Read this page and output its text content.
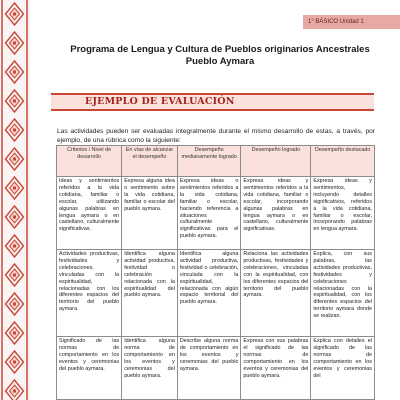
1° BÁSICO Unidad 1
Programa de Lengua y Cultura de Pueblos originarios Ancestrales
Pueblo Aymara
EJEMPLO DE EVALUACIÓN
Las actividades pueden ser evaluadas integralmente durante el mismo desarrollo de estas, a través, por ejemplo, de una rúbrica como la siguiente:
Criterios / Nivel de desarrollo	En vías de alcanzar el desempeño	Desempeño medianamente logrado	Desempeño logrado	Desempeño destacado
Ideas y sentimientos referidos a la vida cotidiana, familiar o escolar, utilizando algunas palabras en lengua aymara o en castellano, culturalmente significativas.	Expresa alguna idea o sentimiento sobre la vida cotidiana, familiar o escolar del pueblo aymara.	Expresa ideas o sentimientos referidos a la vida cotidiana, familiar o escolar, haciendo referencia a situaciones culturalmente significativas para el pueblo aymara.	Expresa ideas y sentimientos referidos a la vida cotidiana, familiar o escolar, incorporando algunas palabras en lengua aymara o en castellano, culturalmente significativas.	Expresa ideas y sentimientos, incluyendo detalles significativos, referidos a la vida cotidiana, familiar o escolar, incorporando palabras en lengua aymara.
Actividades productivas, festividades y celebraciones, vinculadas con la espiritualidad, relacionadas con los diferentes espacios del territorio del pueblo aymara.	Identifica alguna actividad productiva, festividad o celebración relacionada con la espiritualidad del pueblo aymara.	Identifica alguna actividad productiva, festividad o celebración, vinculada con la espiritualidad, relacionada con algún espacio territorial del pueblo aymara.	Relaciona las actividades productivas, festividades y celebraciones, vinculadas con la espiritualidad, con los diferentes espacios del territorio del pueblo aymara.	Explica, con sus palabras, las actividades productivas, festividades y celebraciones relacionadas con la espiritualidad, con los diferentes espacios del territorio aymara donde se realizan.
Significado de las normas de comportamiento en los eventos y ceremonias del pueblo aymara.	Identifica alguna norma de comportamiento en los eventos y ceremonias del pueblo aymara.	Describe alguna norma de comportamiento en los eventos y ceremonias del pueblo aymara.	Expresa con sus palabras el significado de las normas de comportamiento en los eventos y ceremonias del pueblo aymara.	Explica con detalles el significado de las normas de comportamiento en los eventos y ceremonias del
